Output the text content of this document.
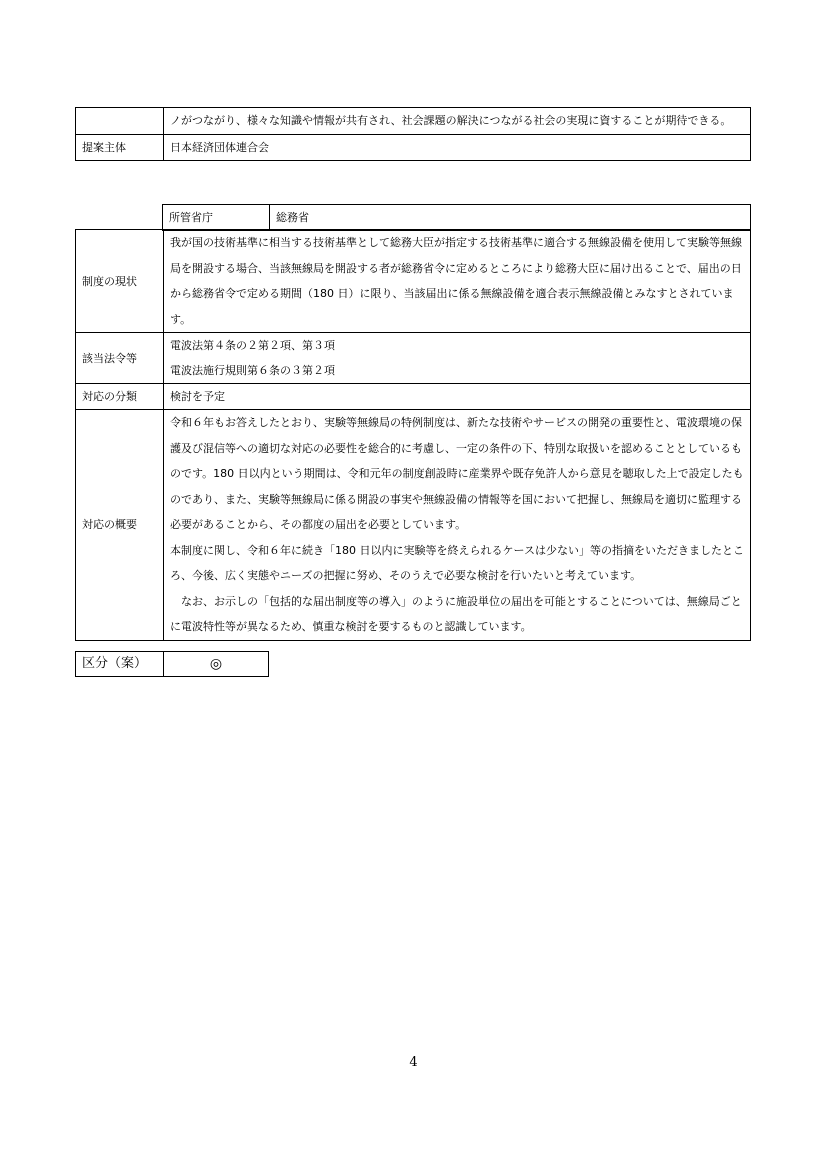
	ノがつながり、様々な知識や情報が共有され、社会課題の解決につながる社会の実現に資することが期待できる。
提案主体	日本経済団体連合会
所管省庁	総務省
制度の現状	我が国の技術基準に相当する技術基準として総務大臣が指定する技術基準に適合する無線設備を使用して実験等無線局を開設する場合、当該無線局を開設する者が総務省令に定めるところにより総務大臣に届け出ることで、届出の日から総務省令で定める期間（180 日）に限り、当該届出に係る無線設備を適合表示無線設備とみなすとされています。
該当法令等	電波法第４条の２第２項、第３項
電波法施行規則第６条の３第２項

対応の分類	検討を予定
対応の概要	令和６年もお答えしたとおり、実験等無線局の特例制度は、新たな技術やサービスの開発の重要性と、電波環境の保護及び混信等への適切な対応の必要性を総合的に考慮し、一定の条件の下、特別な取扱いを認めることとしているものです。180 日以内という期間は、令和元年の制度創設時に産業界や既存免許人から意見を聴取した上で設定したものであり、また、実験等無線局に係る開設の事実や無線設備の情報等を国において把握し、無線局を適切に監理する必要があることから、その都度の届出を必要としています。
本制度に関し、令和６年に続き「180 日以内に実験等を終えられるケースは少ない」等の指摘をいただきましたところ、今後、広く実態やニーズの把握に努め、そのうえで必要な検討を行いたいと考えています。
　なお、お示しの「包括的な届出制度等の導入」のように施設単位の届出を可能とすることについては、無線局ごとに電波特性等が異なるため、慎重な検討を要するものと認識しています。
区分（案）	◎
4
